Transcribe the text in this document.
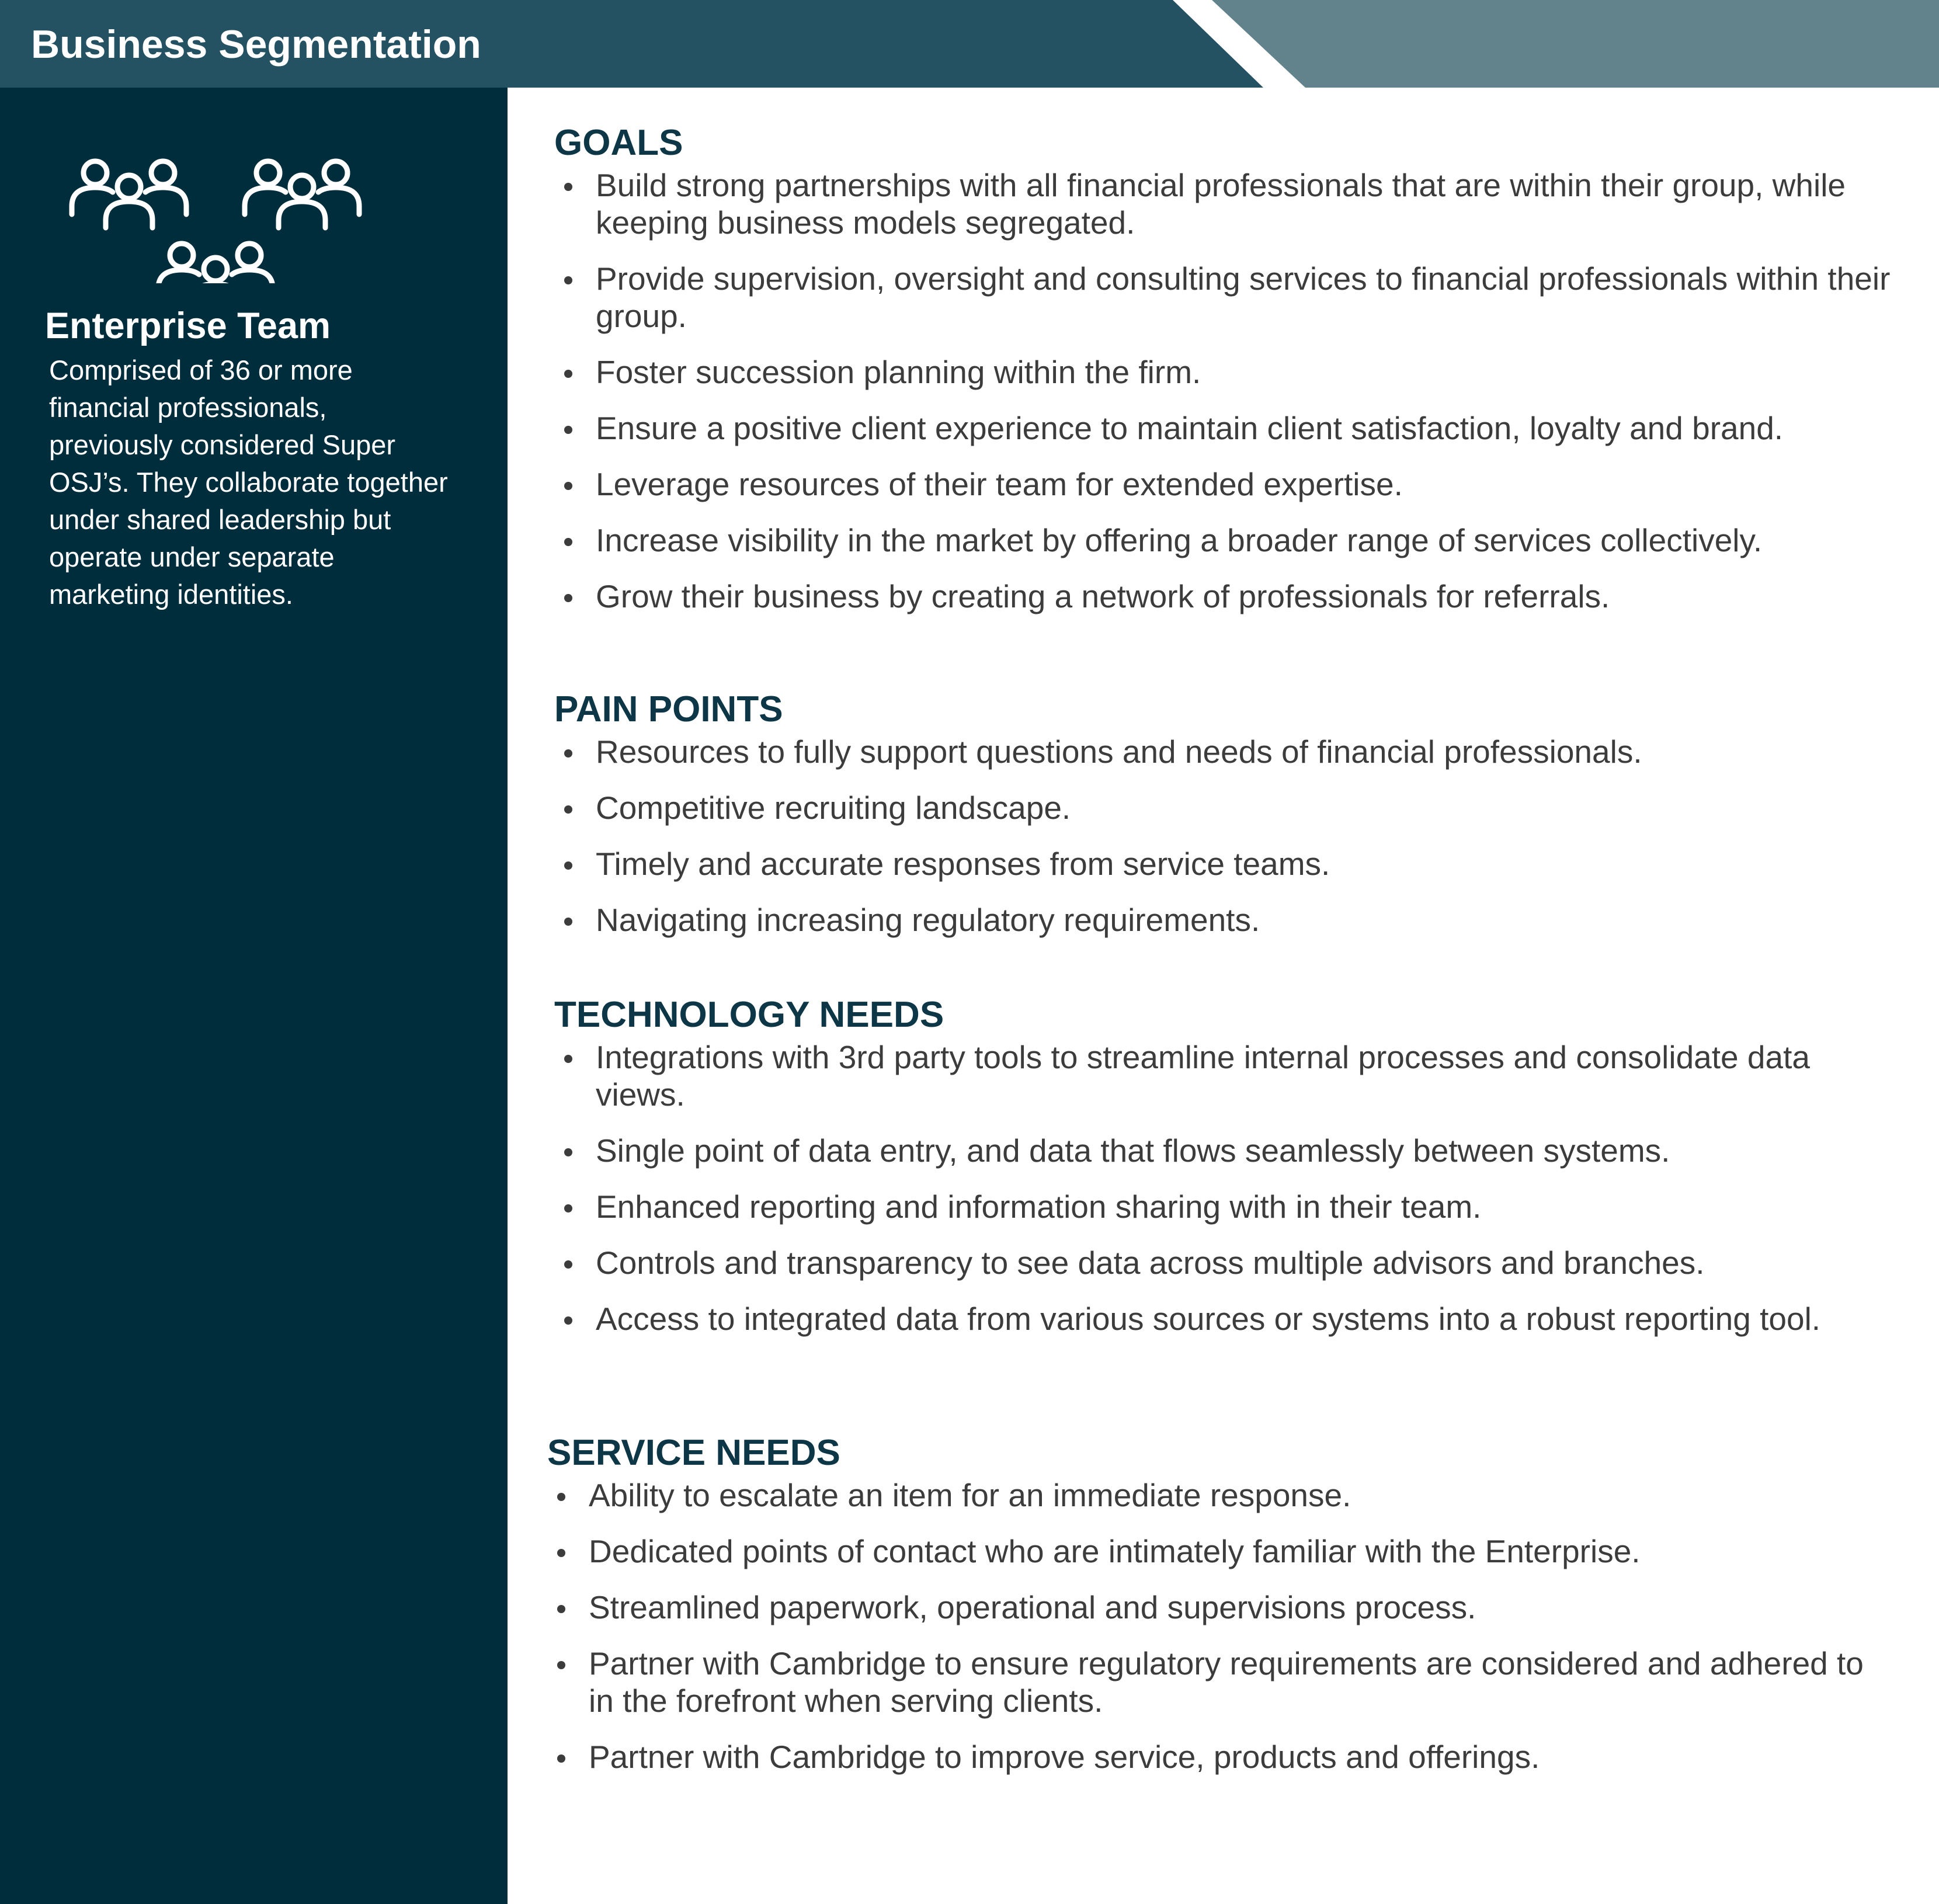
Business Segmentation
Enterprise Team
Comprised of 36 or more financial professionals, previously considered Super OSJ’s. They collaborate together under shared leadership but operate under separate marketing identities.
GOALS
Build strong partnerships with all financial professionals that are within their group, while keeping business models segregated.
Provide supervision, oversight and consulting services to financial professionals within their group.
Foster succession planning within the firm.
Ensure a positive client experience to maintain client satisfaction, loyalty and brand.
Leverage resources of their team for extended expertise.
Increase visibility in the market by offering a broader range of services collectively.
Grow their business by creating a network of professionals for referrals.
PAIN POINTS
Resources to fully support questions and needs of financial professionals.
Competitive recruiting landscape.
Timely and accurate responses from service teams.
Navigating increasing regulatory requirements.
TECHNOLOGY NEEDS
Integrations with 3rd party tools to streamline internal processes and consolidate data views.
Single point of data entry, and data that flows seamlessly between systems.
Enhanced reporting and information sharing with in their team.
Controls and transparency to see data across multiple advisors and branches.
Access to integrated data from various sources or systems into a robust reporting tool.
SERVICE NEEDS
Ability to escalate an item for an immediate response.
Dedicated points of contact who are intimately familiar with the Enterprise.
Streamlined paperwork, operational and supervisions process.
Partner with Cambridge to ensure regulatory requirements are considered and adhered to in the forefront when serving clients.
Partner with Cambridge to improve service, products and offerings.
